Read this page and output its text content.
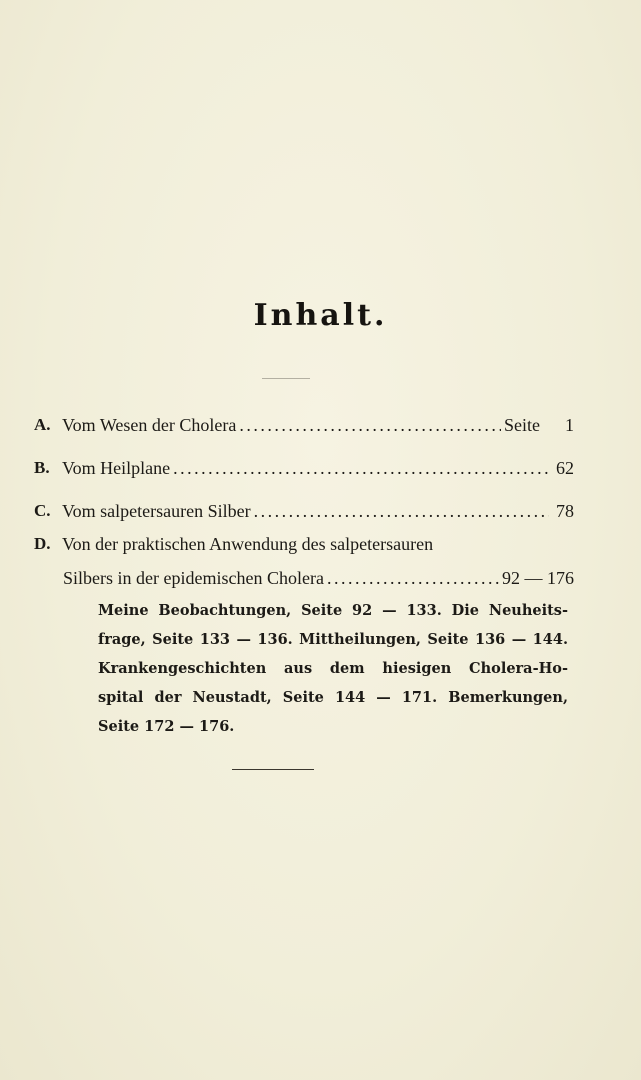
Inhalt.
A. Vom Wesen der Cholera . . .	Seite	1
B. Vom Heilplane . . .	62
C. Vom salpetersauren Silber . . .	78
D. Von der praktischen Anwendung des salpetersauren
Silbers in der epidemischen Cholera . . .	92 — 176
Meine Beobachtungen, Seite 92 — 133. Die Neuheits-
frage, Seite 133 — 136. Mittheilungen, Seite 136 — 144.
Krankengeschichten aus dem hiesigen Cholera-Ho-
spital der Neustadt, Seite 144 — 171. Bemerkungen,
Seite 172 — 176.
